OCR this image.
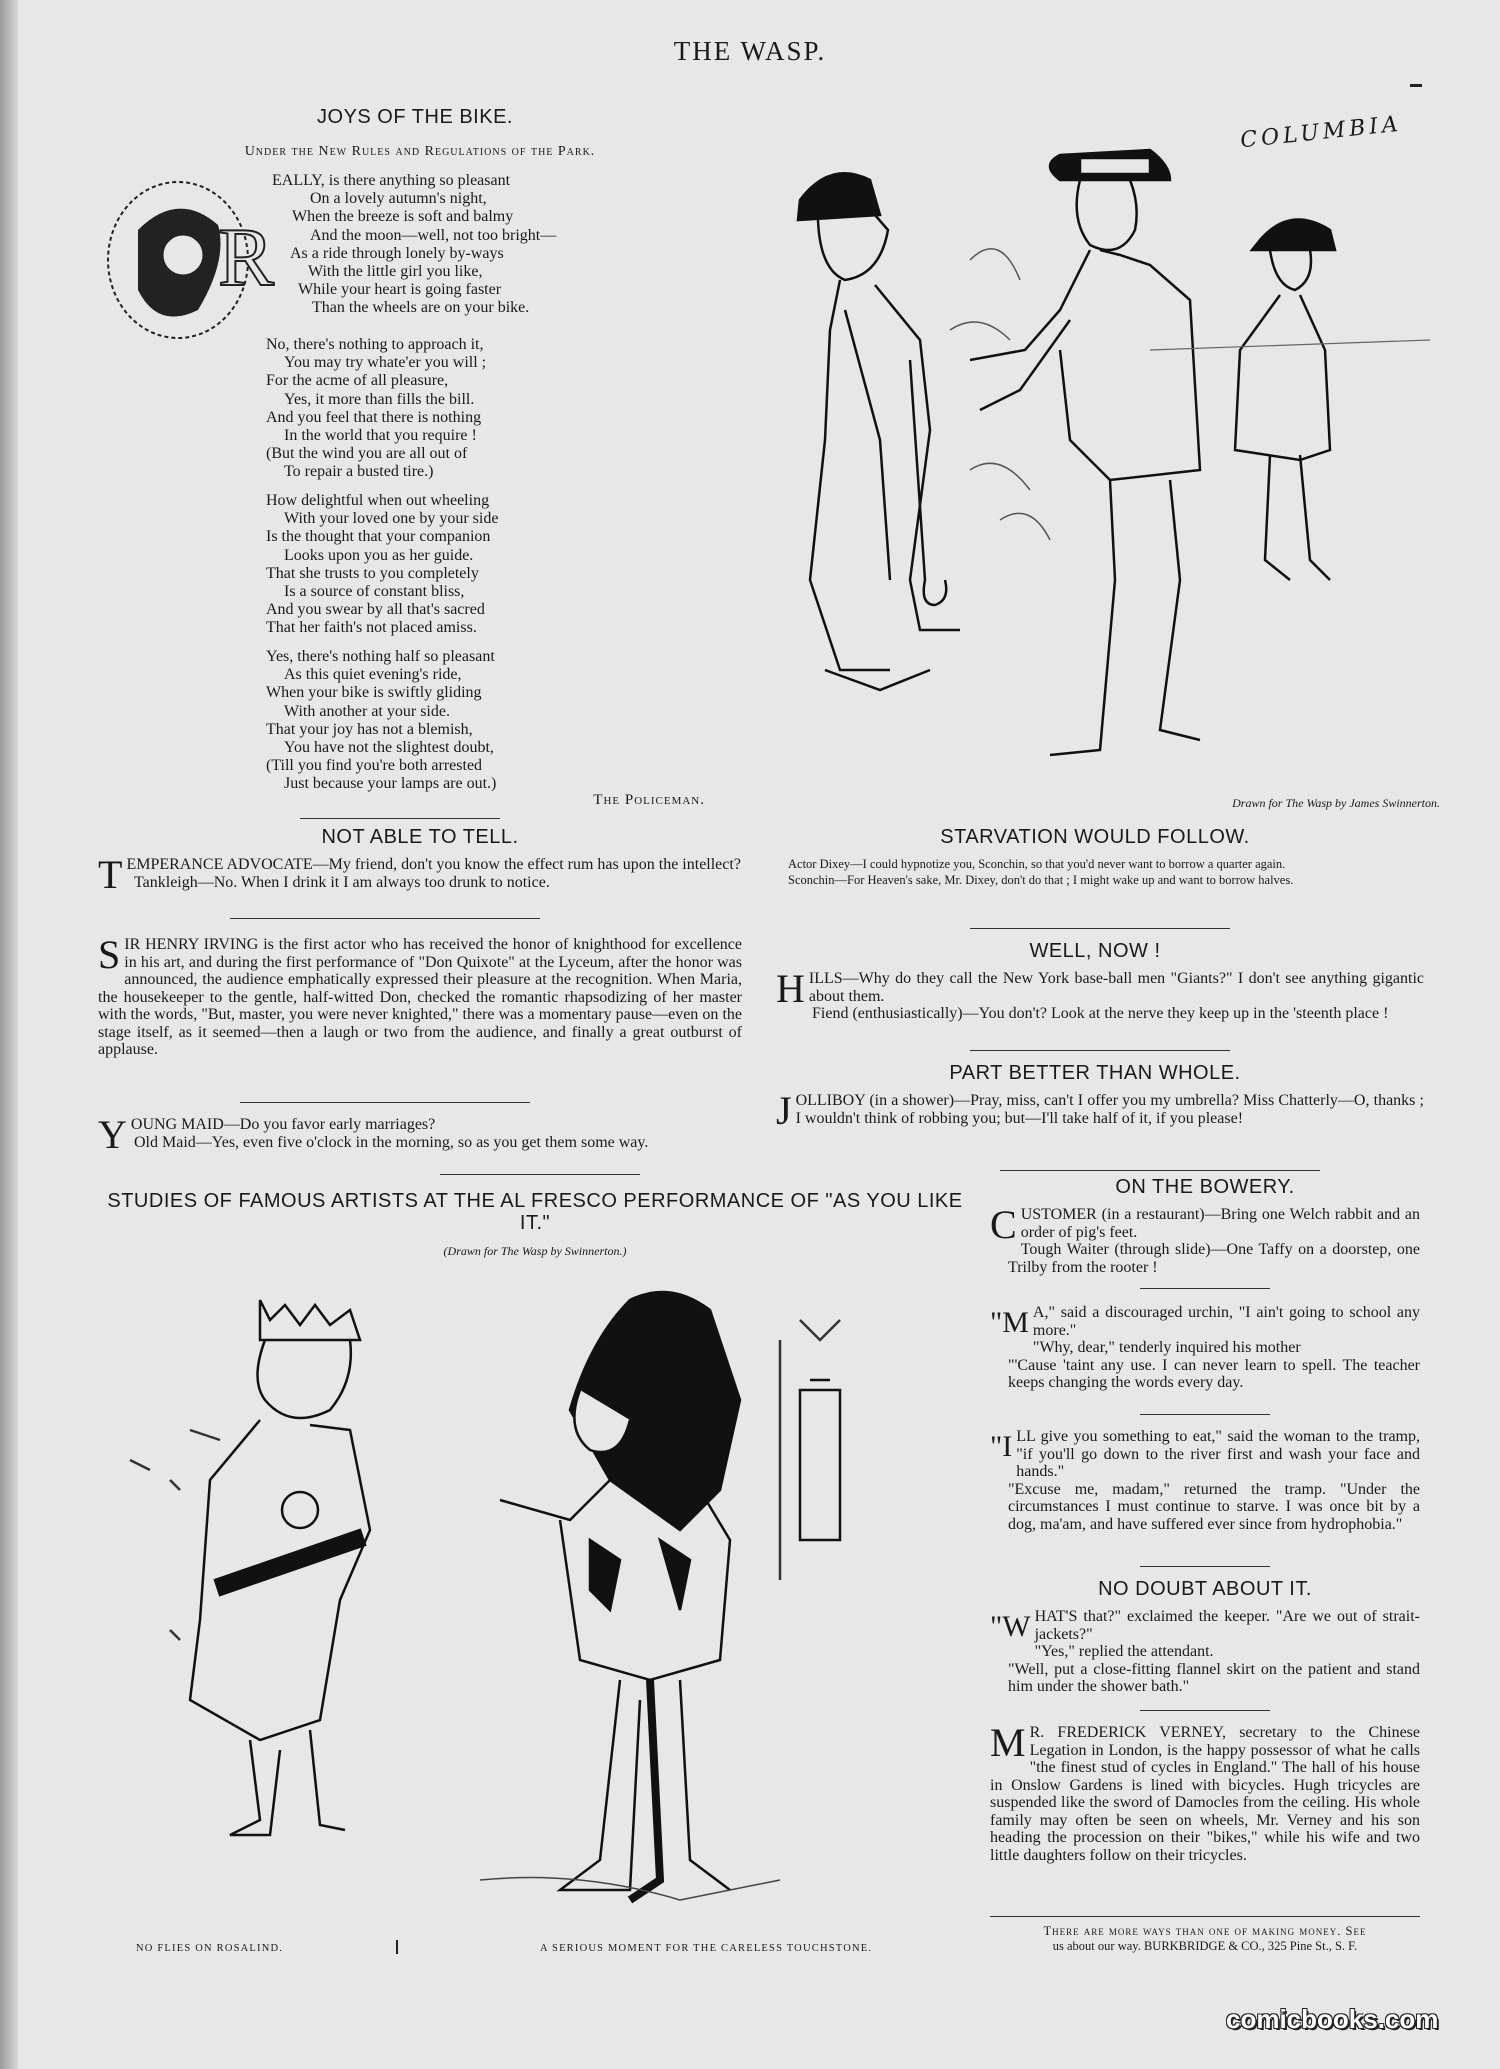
THE WASP.
JOYS OF THE BIKE.
Under the New Rules and Regulations of the Park.
R
EALLY, is there anything so pleasant
On a lovely autumn's night,
When the breeze is soft and balmy
And the moon—well, not too bright—
As a ride through lonely by-ways
With the little girl you like,
While your heart is going faster
Than the wheels are on your bike.
No, there's nothing to approach it,
You may try whate'er you will ;
For the acme of all pleasure,
Yes, it more than fills the bill.
And you feel that there is nothing
In the world that you require !
(But the wind you are all out of
To repair a busted tire.)
How delightful when out wheeling
With your loved one by your side
Is the thought that your companion
Looks upon you as her guide.
That she trusts to you completely
Is a source of constant bliss,
And you swear by all that's sacred
That her faith's not placed amiss.
Yes, there's nothing half so pleasant
As this quiet evening's ride,
When your bike is swiftly gliding
With another at your side.
That your joy has not a blemish,
You have not the slightest doubt,
(Till you find you're both arrested
Just because your lamps are out.)
The Policeman.
COLUMBIA
Drawn for The Wasp by James Swinnerton.
NOT ABLE TO TELL.
T EMPERANCE ADVOCATE—My friend, don't you know the effect rum has upon the intellect?
Tankleigh—No. When I drink it I am always too drunk to notice.
S IR HENRY IRVING is the first actor who has received the honor of knighthood for excellence in his art, and during the first performance of "Don Quixote" at the Lyceum, after the honor was announced, the audience emphatically expressed their pleasure at the recognition. When Maria, the housekeeper to the gentle, half-witted Don, checked the romantic rhapsodizing of her master with the words, "But, master, you were never knighted," there was a momentary pause—even on the stage itself, as it seemed—then a laugh or two from the audience, and finally a great outburst of applause.
Y OUNG MAID—Do you favor early marriages?
Old Maid—Yes, even five o'clock in the morning, so as you get them some way.
STARVATION WOULD FOLLOW.

Actor Dixey—I could hypnotize you, Sconchin, so that you'd never want to borrow a quarter again.

Sconchin—For Heaven's sake, Mr. Dixey, don't do that ; I might wake up and want to borrow halves.

WELL, NOW !
H ILLS—Why do they call the New York base-ball men "Giants?" I don't see anything gigantic about them.
Fiend (enthusiastically)—You don't? Look at the nerve they keep up in the 'steenth place !
PART BETTER THAN WHOLE.
J OLLIBOY (in a shower)—Pray, miss, can't I offer you my umbrella? Miss Chatterly—O, thanks ; I wouldn't think of robbing you; but—I'll take half of it, if you please!
STUDIES OF FAMOUS ARTISTS AT THE AL FRESCO PERFORMANCE OF "AS YOU LIKE IT."
(Drawn for The Wasp by Swinnerton.)
NO FLIES ON ROSALIND.	A SERIOUS MOMENT FOR THE CARELESS TOUCHSTONE.
ON THE BOWERY.
C USTOMER (in a restaurant)—Bring one Welch rabbit and an order of pig's feet.
Tough Waiter (through slide)—One Taffy on a doorstep, one Trilby from the rooter !
"M A," said a discouraged urchin, "I ain't going to school any more."
"Why, dear," tenderly inquired his mother
"'Cause 'taint any use. I can never learn to spell. The teacher keeps changing the words every day.
"I LL give you something to eat," said the woman to the tramp, "if you'll go down to the river first and wash your face and hands."
"Excuse me, madam," returned the tramp. "Under the circumstances I must continue to starve. I was once bit by a dog, ma'am, and have suffered ever since from hydrophobia."
NO DOUBT ABOUT IT.
"W HAT'S that?" exclaimed the keeper. "Are we out of strait-jackets?"
"Yes," replied the attendant.
"Well, put a close-fitting flannel skirt on the patient and stand him under the shower bath."
M R. FREDERICK VERNEY, secretary to the Chinese Legation in London, is the happy possessor of what he calls "the finest stud of cycles in England." The hall of his house in Onslow Gardens is lined with bicycles. Hugh tricycles are suspended like the sword of Damocles from the ceiling. His whole family may often be seen on wheels, Mr. Verney and his son heading the procession on their "bikes," while his wife and two little daughters follow on their tricycles.
There are more ways than one of making money. See
us about our way. BURKBRIDGE & CO., 325 Pine St., S. F.
comicbooks.com
